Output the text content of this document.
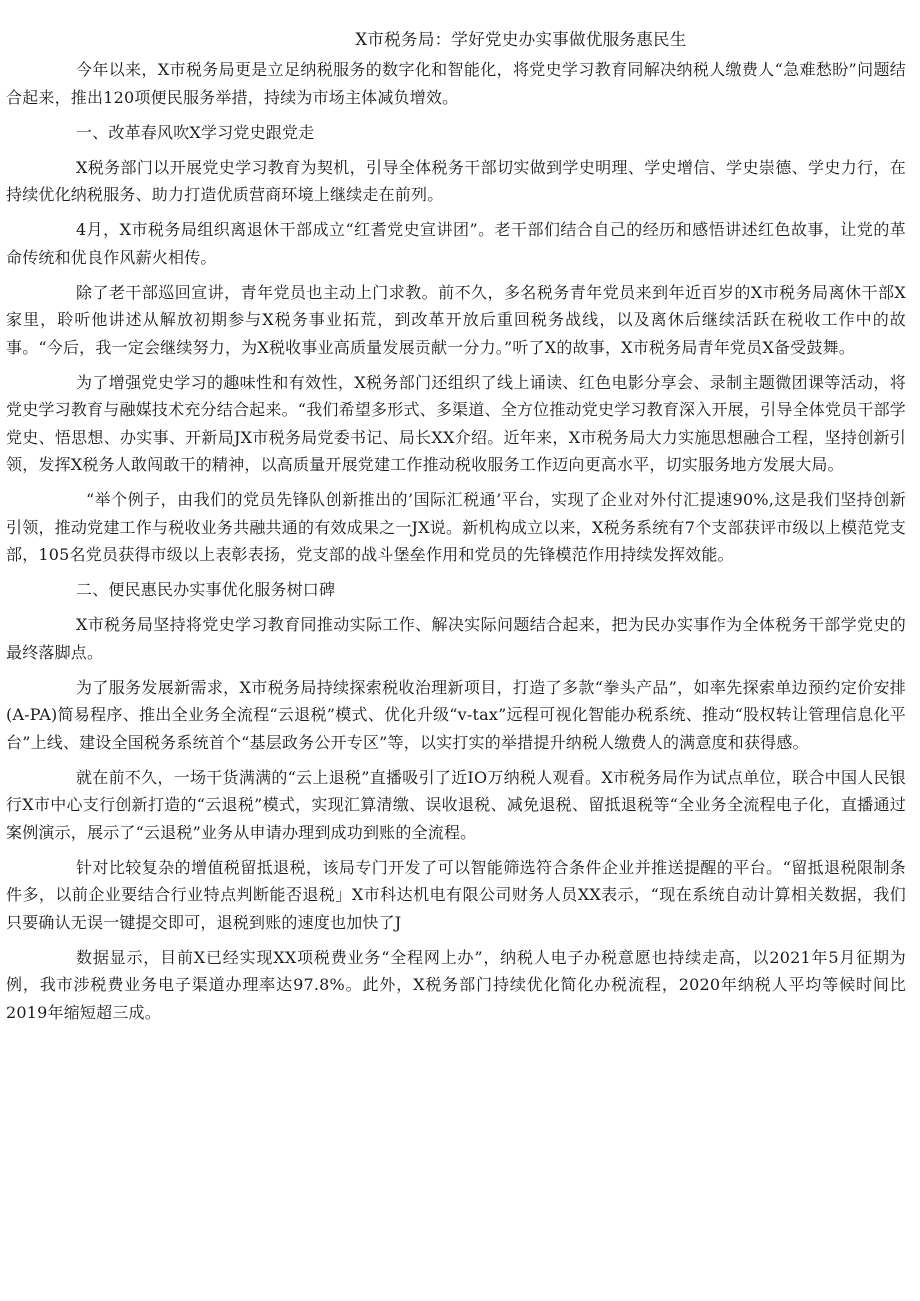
X市税务局：学好党史办实事做优服务惠民生

今年以来，X市税务局更是立足纳税服务的数字化和智能化，将党史学习教育同解决纳税人缴费人“急难愁盼”问题结合起来，推出120项便民服务举措，持续为市场主体减负增效。

一、改革春风吹X学习党史跟党走

X税务部门以开展党史学习教育为契机，引导全体税务干部切实做到学史明理、学史增信、学史崇德、学史力行，在持续优化纳税服务、助力打造优质营商环境上继续走在前列。

4月，X市税务局组织离退休干部成立“红耆党史宣讲团”。老干部们结合自己的经历和感悟讲述红色故事，让党的革命传统和优良作风薪火相传。

除了老干部巡回宣讲，青年党员也主动上门求教。前不久，多名税务青年党员来到年近百岁的X市税务局离休干部X家里，聆听他讲述从解放初期参与X税务事业拓荒，到改革开放后重回税务战线，以及离休后继续活跃在税收工作中的故事。“今后，我一定会继续努力，为X税收事业高质量发展贡献一分力。”听了X的故事，X市税务局青年党员X备受鼓舞。

为了增强党史学习的趣味性和有效性，X税务部门还组织了线上诵读、红色电影分享会、录制主题微团课等活动，将党史学习教育与融媒技术充分结合起来。“我们希望多形式、多渠道、全方位推动党史学习教育深入开展，引导全体党员干部学党史、悟思想、办实事、开新局JX市税务局党委书记、局长XX介绍。近年来，X市税务局大力实施思想融合工程，坚持创新引领，发挥X税务人敢闯敢干的精神，以高质量开展党建工作推动税收服务工作迈向更高水平，切实服务地方发展大局。

“举个例子，由我们的党员先锋队创新推出的’国际汇税通’平台，实现了企业对外付汇提速90%,这是我们坚持创新引领，推动党建工作与税收业务共融共通的有效成果之一JX说。新机构成立以来，X税务系统有7个支部获评市级以上模范党支部，105名党员获得市级以上表彰表扬，党支部的战斗堡垒作用和党员的先锋模范作用持续发挥效能。

二、便民惠民办实事优化服务树口碑

X市税务局坚持将党史学习教育同推动实际工作、解决实际问题结合起来，把为民办实事作为全体税务干部学党史的最终落脚点。

为了服务发展新需求，X市税务局持续探索税收治理新项目，打造了多款“拳头产品”，如率先探索单边预约定价安排(A-PA)简易程序、推出全业务全流程“云退税”模式、优化升级“v-tax”远程可视化智能办税系统、推动“股权转让管理信息化平台”上线、建设全国税务系统首个“基层政务公开专区”等，以实打实的举措提升纳税人缴费人的满意度和获得感。

就在前不久，一场干货满满的“云上退税”直播吸引了近IO万纳税人观看。X市税务局作为试点单位，联合中国人民银行X市中心支行创新打造的“云退税”模式，实现汇算清缴、误收退税、减免退税、留抵退税等“全业务全流程电子化，直播通过案例演示，展示了“云退税”业务从申请办理到成功到账的全流程。

针对比较复杂的增值税留抵退税，该局专门开发了可以智能筛选符合条件企业并推送提醒的平台。“留抵退税限制条件多，以前企业要结合行业特点判断能否退税」X市科达机电有限公司财务人员XX表示，“现在系统自动计算相关数据，我们只要确认无误一键提交即可，退税到账的速度也加快了J

数据显示，目前X已经实现XX项税费业务“全程网上办”，纳税人电子办税意愿也持续走高，以2021年5月征期为例，我市涉税费业务电子渠道办理率达97.8%。此外，X税务部门持续优化简化办税流程，2020年纳税人平均等候时间比2019年缩短超三成。
